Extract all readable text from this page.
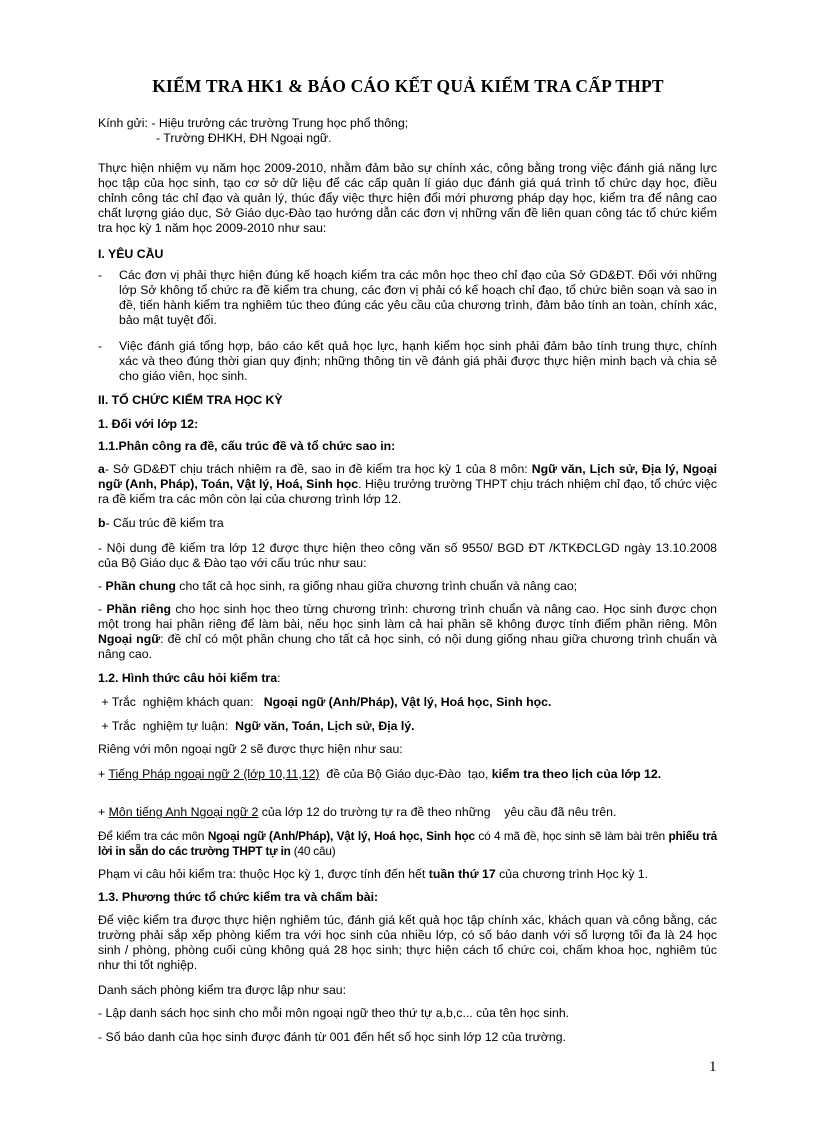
KIỂM TRA HK1 & BÁO CÁO KẾT QUẢ KIỂM TRA CẤP THPT
Kính gửi: - Hiệu trưởng các trường Trung học phổ thông;
- Trường ĐHKH, ĐH Ngoại ngữ.
Thực hiện nhiệm vụ năm học 2009-2010, nhằm đảm bảo sự chính xác, công bằng trong việc đánh giá năng lực học tập của học sinh, tạo cơ sở dữ liệu để các cấp quản lí giáo dục đánh giá quá trình tổ chức dạy học, điều chỉnh công tác chỉ đạo và quản lý, thúc đẩy việc thực hiện đổi mới phương pháp dạy học, kiểm tra để nâng cao chất lượng giáo dục, Sở Giáo dục-Đào tạo hướng dẫn các đơn vị những vấn đề liên quan công tác tổ chức kiểm tra học kỳ 1 năm học 2009-2010 như sau:
I. YÊU CẦU
- Các đơn vị phải thực hiện đúng kế hoạch kiểm tra các môn học theo chỉ đạo của Sở GD&ĐT. Đối với những lớp Sở không tổ chức ra đề kiểm tra chung, các đơn vị phải có kế hoạch chỉ đạo, tổ chức biên soạn và sao in đề, tiến hành kiểm tra nghiêm túc theo đúng các yêu cầu của chương trình, đảm bảo tính an toàn, chính xác, bảo mật tuyệt đối.
- Việc đánh giá tổng hợp, báo cáo kết quả học lực, hạnh kiểm học sinh phải đảm bảo tính trung thực, chính xác và theo đúng thời gian quy định; những thông tin về đánh giá phải được thực hiện minh bạch và chia sẻ cho giáo viên, học sinh.
II. TỔ CHỨC KIỂM TRA HỌC KỲ
1. Đối với lớp 12:
1.1.Phân công ra đề, cấu trúc đề và tổ chức sao in:
a- Sở GD&ĐT chịu trách nhiệm ra đề, sao in đề kiểm tra học kỳ 1 của 8 môn: Ngữ văn, Lịch sử, Địa lý, Ngoại ngữ (Anh, Pháp), Toán, Vật lý, Hoá, Sinh học. Hiệu trưởng trường THPT chịu trách nhiệm chỉ đạo, tổ chức việc ra đề kiểm tra các môn còn lại của chương trình lớp 12.
b- Cấu trúc đề kiểm tra
- Nội dung đề kiểm tra lớp 12 được thực hiện theo công văn số 9550/ BGD ĐT /KTKĐCLGD ngày 13.10.2008 của Bộ Giáo dục & Đào tạo với cấu trúc như sau:
- Phần chung cho tất cả học sinh, ra giống nhau giữa chương trình chuẩn và nâng cao;
- Phần riêng cho học sinh học theo từng chương trình: chương trình chuẩn và nâng cao. Học sinh được chọn một trong hai phần riêng để làm bài, nếu học sinh làm cả hai phần sẽ không được tính điểm phần riêng. Môn Ngoại ngữ: đề chỉ có một phần chung cho tất cả học sinh, có nội dung giống nhau giữa chương trình chuẩn và nâng cao.
1.2. Hình thức câu hỏi kiểm tra:
+ Trắc  nghiệm khách quan:   Ngoại ngữ (Anh/Pháp), Vật lý, Hoá học, Sinh học.
+ Trắc  nghiệm tự luận:  Ngữ văn, Toán, Lịch sử, Địa lý.
Riêng với môn ngoại ngữ 2 sẽ được thực hiện như sau:
+ Tiếng Pháp ngoại ngữ 2 (lớp 10,11,12)  đề của Bộ Giáo dục-Đào  tạo, kiểm tra theo lịch của lớp 12.
+ Môn tiếng Anh Ngoại ngữ 2 của lớp 12 do trường tự ra đề theo những    yêu cầu đã nêu trên.
Để kiểm tra các môn Ngoại ngữ (Anh/Pháp), Vật lý, Hoá học, Sinh học có 4 mã đề, học sinh sẽ làm bài trên phiếu trả lời in sẵn do các trường THPT tự in (40 câu)
Phạm vi câu hỏi kiểm tra: thuộc Học kỳ 1, được tính đến hết tuần thứ 17 của chương trình Học kỳ 1.
1.3. Phương thức tổ chức kiểm tra và chấm bài:
Để việc kiểm tra được thực hiện nghiêm túc, đánh giá kết quả học tập chính xác, khách quan và công bằng, các trường phải sắp xếp phòng kiểm tra với học sinh của nhiều lớp, có số báo danh với số lượng tối đa là 24 học sinh / phòng, phòng cuối cùng không quá 28 học sinh; thực hiện cách tổ chức coi, chấm khoa học, nghiêm túc như thi tốt nghiệp.
Danh sách phòng kiểm tra được lập như sau:
- Lập danh sách học sinh cho mỗi môn ngoại ngữ theo thứ tự a,b,c... của tên học sinh.
- Số báo danh của học sinh được đánh từ 001 đến hết số học sinh lớp 12 của trường.
1
